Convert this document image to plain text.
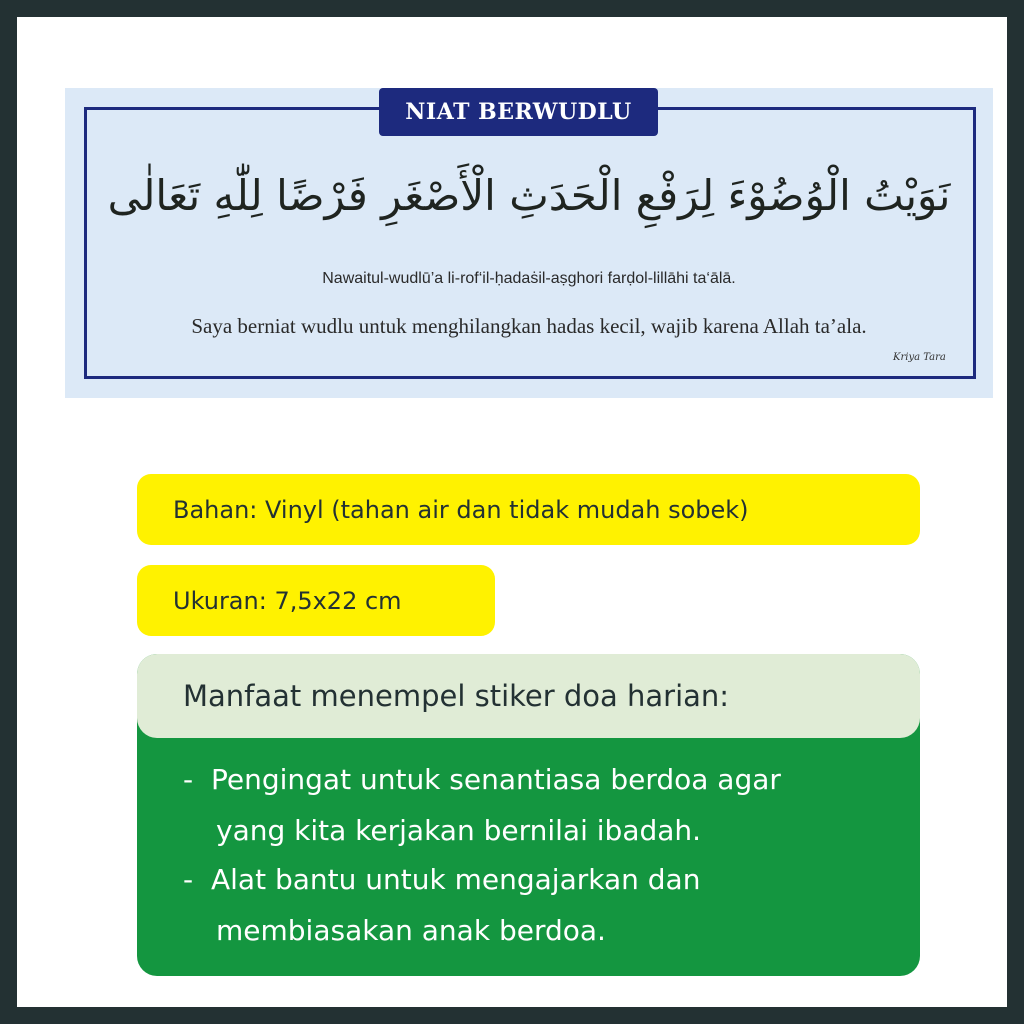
NIAT BERWUDLU
نَوَيْتُ الْوُضُوْءَ لِرَفْعِ الْحَدَثِ الْأَصْغَرِ فَرْضًا لِلّٰهِ تَعَالٰى
Nawaitul-wudlū’a li-rof‘il-ḥadaṡil-aṣghori farḍol-lillāhi ta‘ālā.
Saya berniat wudlu untuk menghilangkan hadas kecil, wajib karena Allah ta’ala.
Kriya Tara
Bahan: Vinyl (tahan air dan tidak mudah sobek)
Ukuran: 7,5x22 cm
Manfaat menempel stiker doa harian:
- Pengingat untuk senantiasa berdoa agar
yang kita kerjakan bernilai ibadah.
- Alat bantu untuk mengajarkan dan
membiasakan anak berdoa.
